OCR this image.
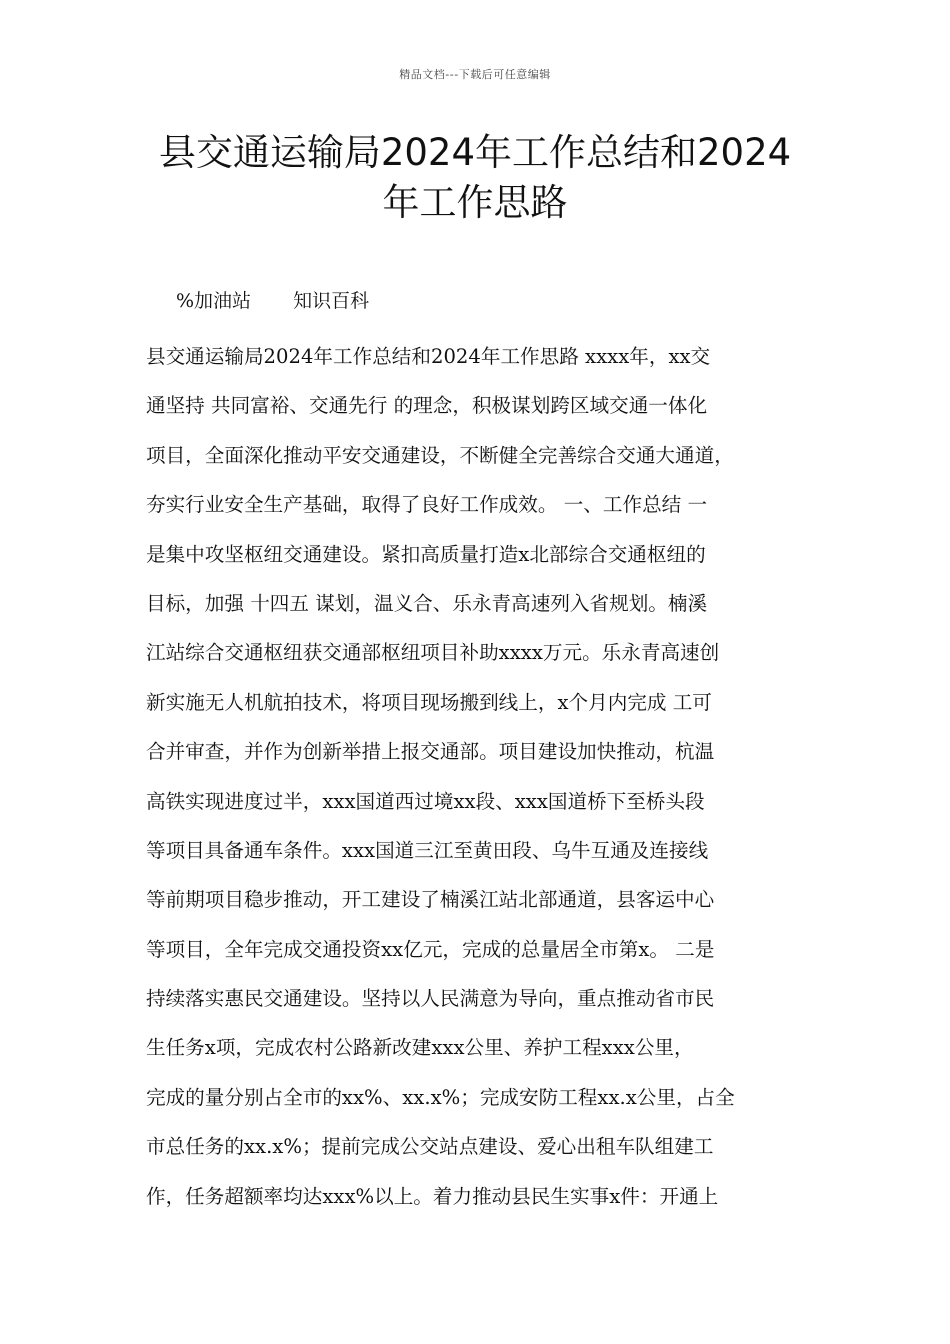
精品文档---下载后可任意编辑
县交通运输局2024年工作总结和2024
年工作思路
%加油站 知识百科
县交通运输局2024年工作总结和2024年工作思路 xxxx年，xx交
通坚持 共同富裕、交通先行 的理念，积极谋划跨区域交通一体化
项目，全面深化推动平安交通建设，不断健全完善综合交通大通道，
夯实行业安全生产基础，取得了良好工作成效。 一、工作总结 一
是集中攻坚枢纽交通建设。紧扣高质量打造x北部综合交通枢纽的
目标，加强 十四五 谋划，温义合、乐永青高速列入省规划。楠溪
江站综合交通枢纽获交通部枢纽项目补助xxxx万元。乐永青高速创
新实施无人机航拍技术，将项目现场搬到线上，x个月内完成 工可
合并审查，并作为创新举措上报交通部。项目建设加快推动，杭温
高铁实现进度过半，xxx国道西过境xx段、xxx国道桥下至桥头段
等项目具备通车条件。xxx国道三江至黄田段、乌牛互通及连接线
等前期项目稳步推动，开工建设了楠溪江站北部通道，县客运中心
等项目，全年完成交通投资xx亿元，完成的总量居全市第x。 二是
持续落实惠民交通建设。坚持以人民满意为导向，重点推动省市民
生任务x项，完成农村公路新改建xxx公里、养护工程xxx公里，
完成的量分别占全市的xx%、xx.x%；完成安防工程xx.x公里，占全
市总任务的xx.x%；提前完成公交站点建设、爱心出租车队组建工
作，任务超额率均达xxx%以上。着力推动县民生实事x件：开通上
